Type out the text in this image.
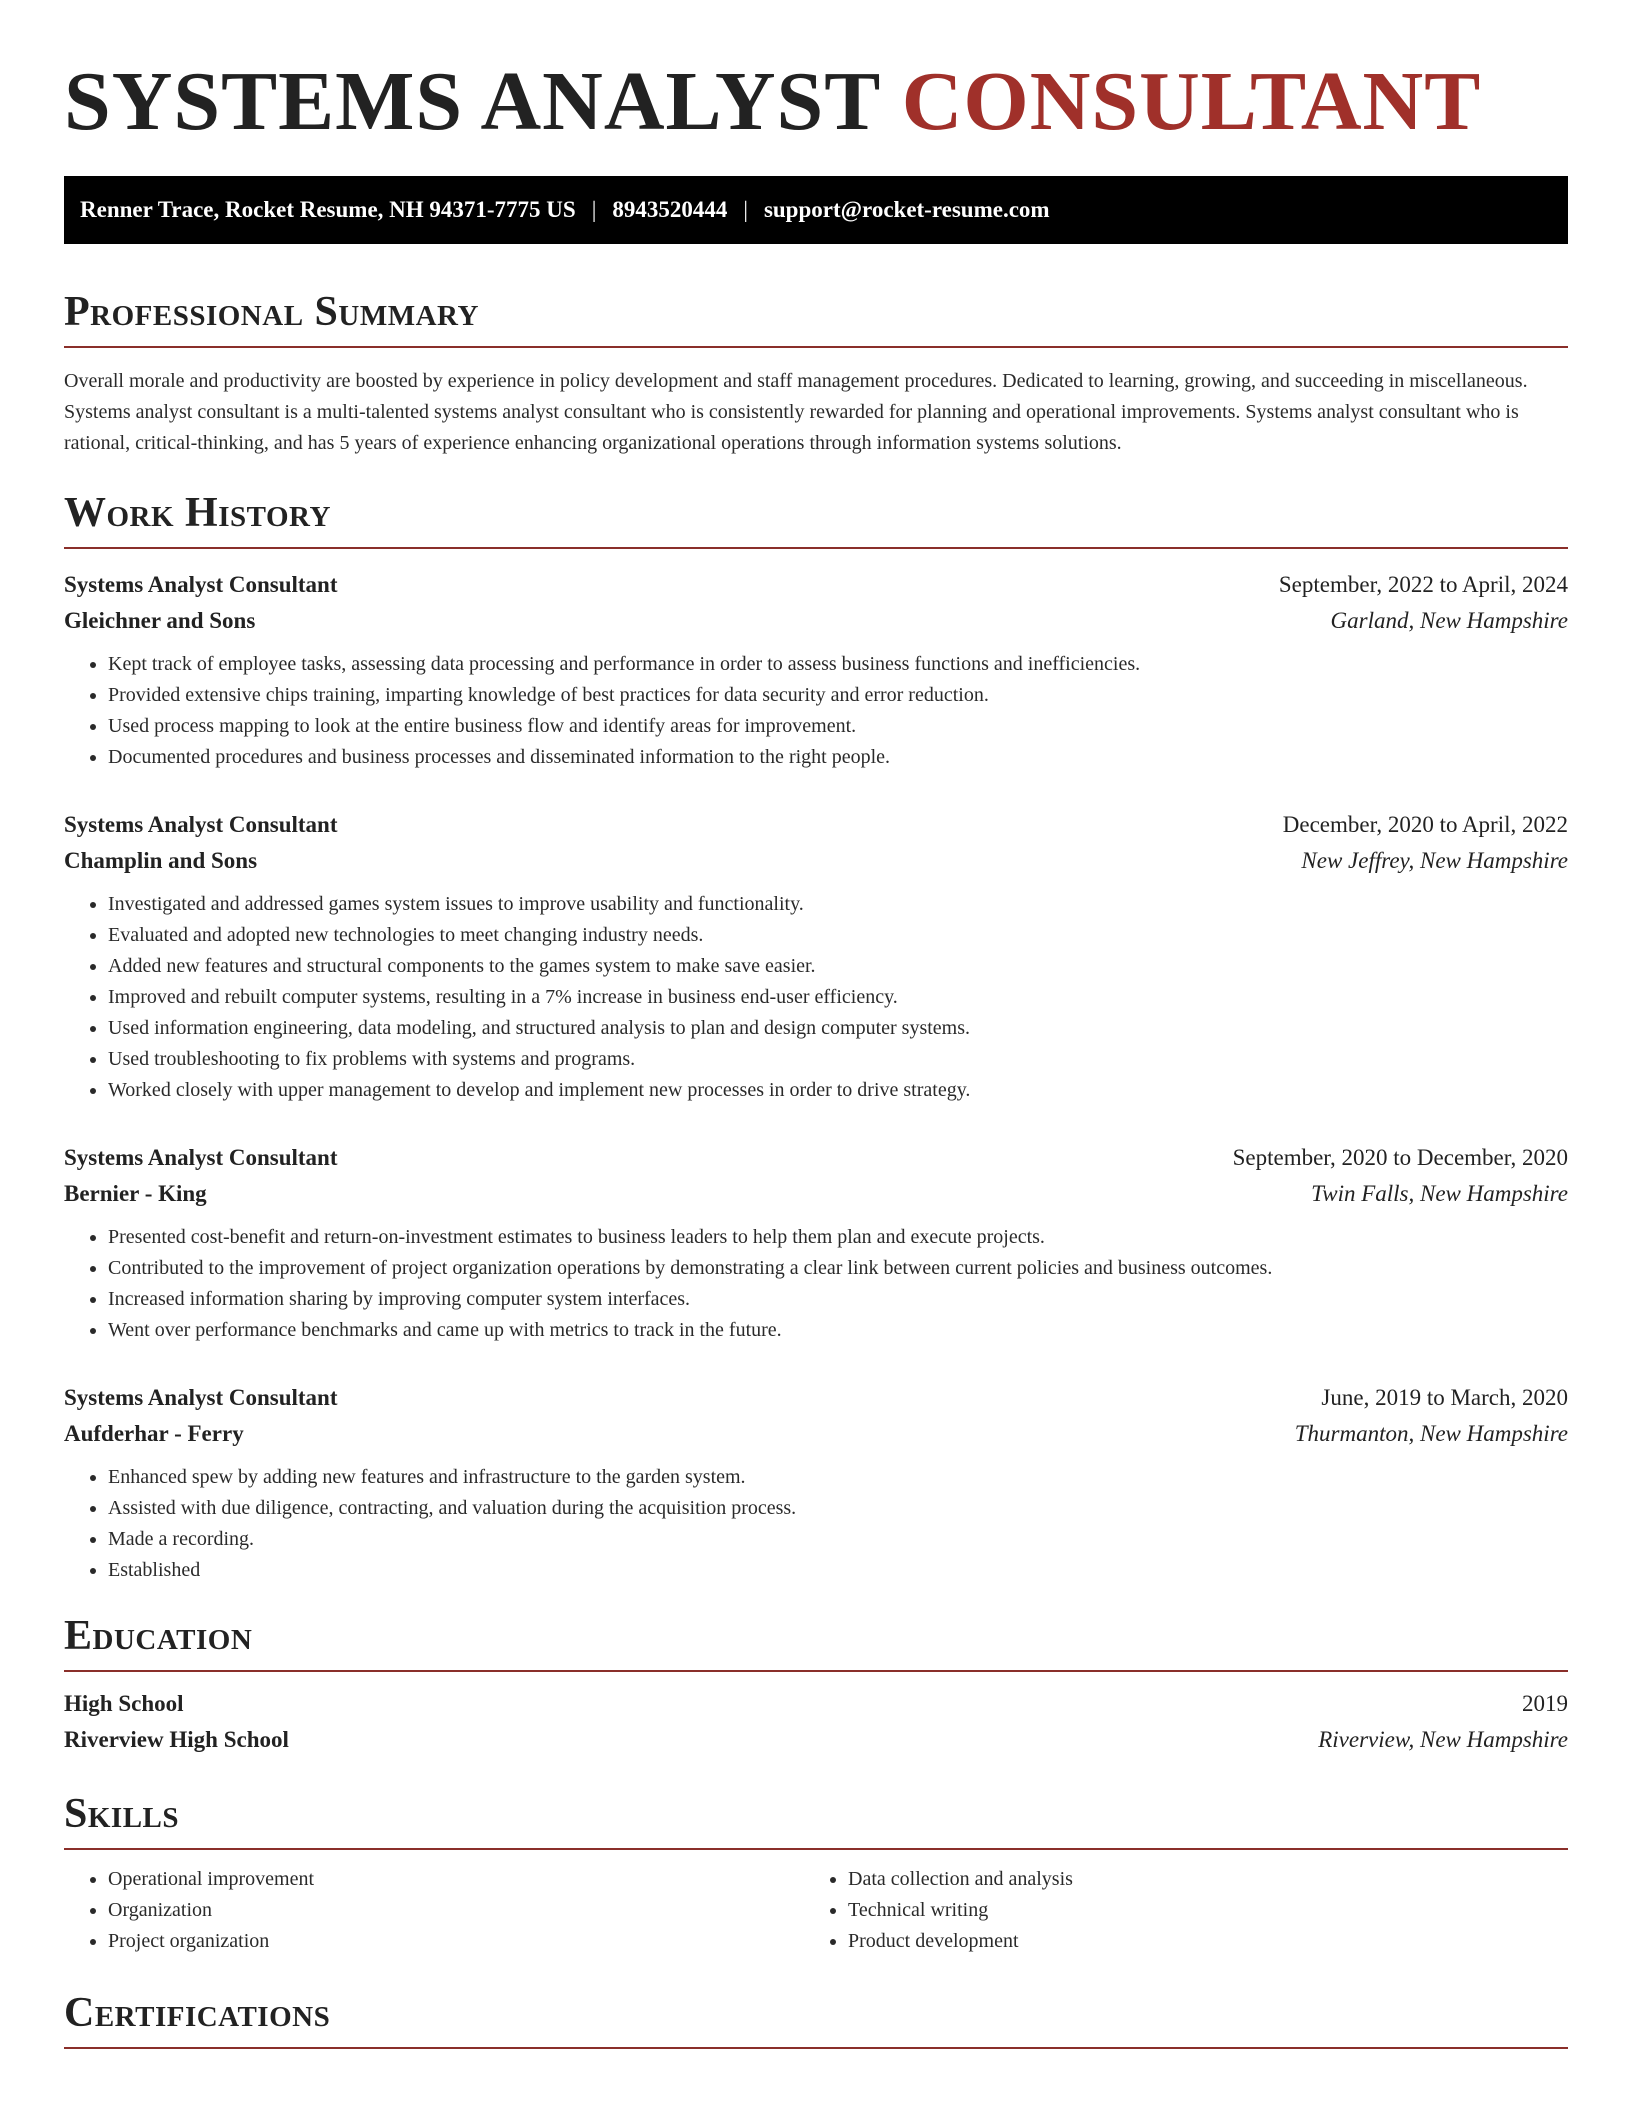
SYSTEMS ANALYST CONSULTANT
Renner Trace, Rocket Resume, NH 94371-7775 US | 8943520444 | support@rocket-resume.com
Professional Summary

Overall morale and productivity are boosted by experience in policy development and staff management procedures. Dedicated to learning, growing, and succeeding in miscellaneous. Systems analyst consultant is a multi-talented systems analyst consultant who is consistently rewarded for planning and operational improvements. Systems analyst consultant who is rational, critical-thinking, and has 5 years of experience enhancing organizational operations through information systems solutions.

Work History
Systems Analyst Consultant	September, 2022 to April, 2024
Gleichner and Sons	Garland, New Hampshire
• Kept track of employee tasks, assessing data processing and performance in order to assess business functions and inefficiencies.
• Provided extensive chips training, imparting knowledge of best practices for data security and error reduction.
• Used process mapping to look at the entire business flow and identify areas for improvement.
• Documented procedures and business processes and disseminated information to the right people.
Systems Analyst Consultant	December, 2020 to April, 2022
Champlin and Sons	New Jeffrey, New Hampshire
• Investigated and addressed games system issues to improve usability and functionality.
• Evaluated and adopted new technologies to meet changing industry needs.
• Added new features and structural components to the games system to make save easier.
• Improved and rebuilt computer systems, resulting in a 7% increase in business end-user efficiency.
• Used information engineering, data modeling, and structured analysis to plan and design computer systems.
• Used troubleshooting to fix problems with systems and programs.
• Worked closely with upper management to develop and implement new processes in order to drive strategy.
Systems Analyst Consultant	September, 2020 to December, 2020
Bernier - King	Twin Falls, New Hampshire
• Presented cost-benefit and return-on-investment estimates to business leaders to help them plan and execute projects.
• Contributed to the improvement of project organization operations by demonstrating a clear link between current policies and business outcomes.
• Increased information sharing by improving computer system interfaces.
• Went over performance benchmarks and came up with metrics to track in the future.
Systems Analyst Consultant	June, 2019 to March, 2020
Aufderhar - Ferry	Thurmanton, New Hampshire
• Enhanced spew by adding new features and infrastructure to the garden system.
• Assisted with due diligence, contracting, and valuation during the acquisition process.
• Made a recording.
• Established
Education
High School	2019
Riverview High School	Riverview, New Hampshire
Skills
• Operational improvement
• Organization
• Project organization
• Data collection and analysis
• Technical writing
• Product development
Certifications
